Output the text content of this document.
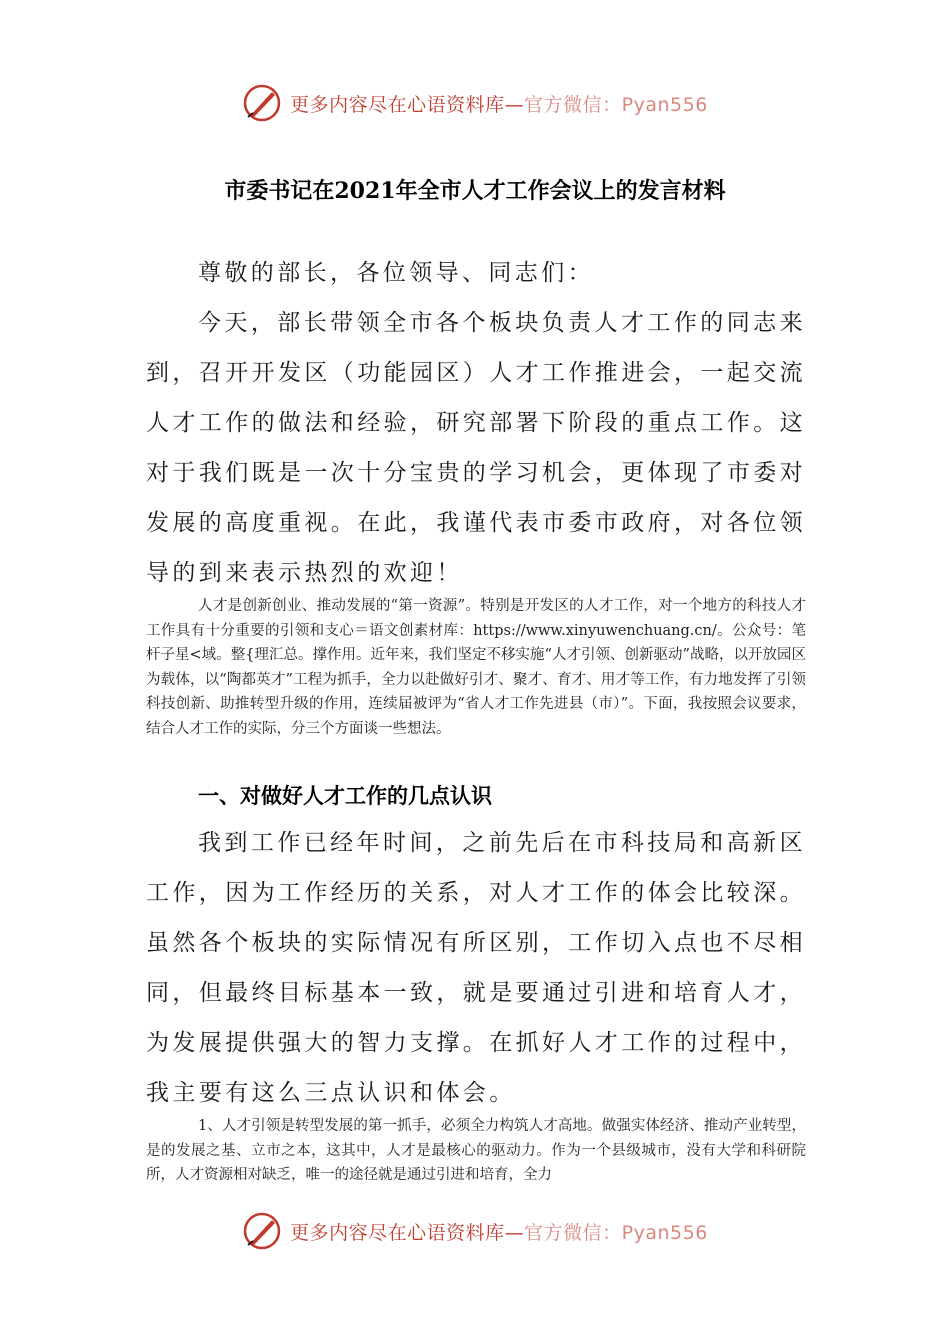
更多内容尽在心语资料库—官方微信：Pyan556
市委书记在2021年全市人才工作会议上的发言材料

尊敬的部长，各位领导、同志们：

今天，部长带领全市各个板块负责人才工作的同志来到，召开开发区（功能园区）人才工作推进会，一起交流人才工作的做法和经验，研究部署下阶段的重点工作。这对于我们既是一次十分宝贵的学习机会，更体现了市委对发展的高度重视。在此，我谨代表市委市政府，对各位领导的到来表示热烈的欢迎！

人才是创新创业、推动发展的“第一资源”。特别是开发区的人才工作，对一个地方的科技人才工作具有十分重要的引领和支心＝语文创素材库：https://www.xinyuwenchuang.cn/。公众号：笔杆子星<域。整{理汇总。撑作用。近年来，我们坚定不移实施“人才引领、创新驱动”战略，以开放园区为载体，以“陶都英才”工程为抓手，全力以赴做好引才、聚才、育才、用才等工作，有力地发挥了引领科技创新、助推转型升级的作用，连续届被评为“省人才工作先进县（市）”。下面，我按照会议要求，结合人才工作的实际，分三个方面谈一些想法。

一、对做好人才工作的几点认识

我到工作已经年时间，之前先后在市科技局和高新区工作，因为工作经历的关系，对人才工作的体会比较深。虽然各个板块的实际情况有所区别，工作切入点也不尽相同，但最终目标基本一致，就是要通过引进和培育人才，为发展提供强大的智力支撑。在抓好人才工作的过程中，我主要有这么三点认识和体会。

1、人才引领是转型发展的第一抓手，必须全力构筑人才高地。做强实体经济、推动产业转型，是的发展之基、立市之本，这其中，人才是最核心的驱动力。作为一个县级城市，没有大学和科研院所，人才资源相对缺乏，唯一的途径就是通过引进和培育，全力

更多内容尽在心语资料库—官方微信：Pyan556
